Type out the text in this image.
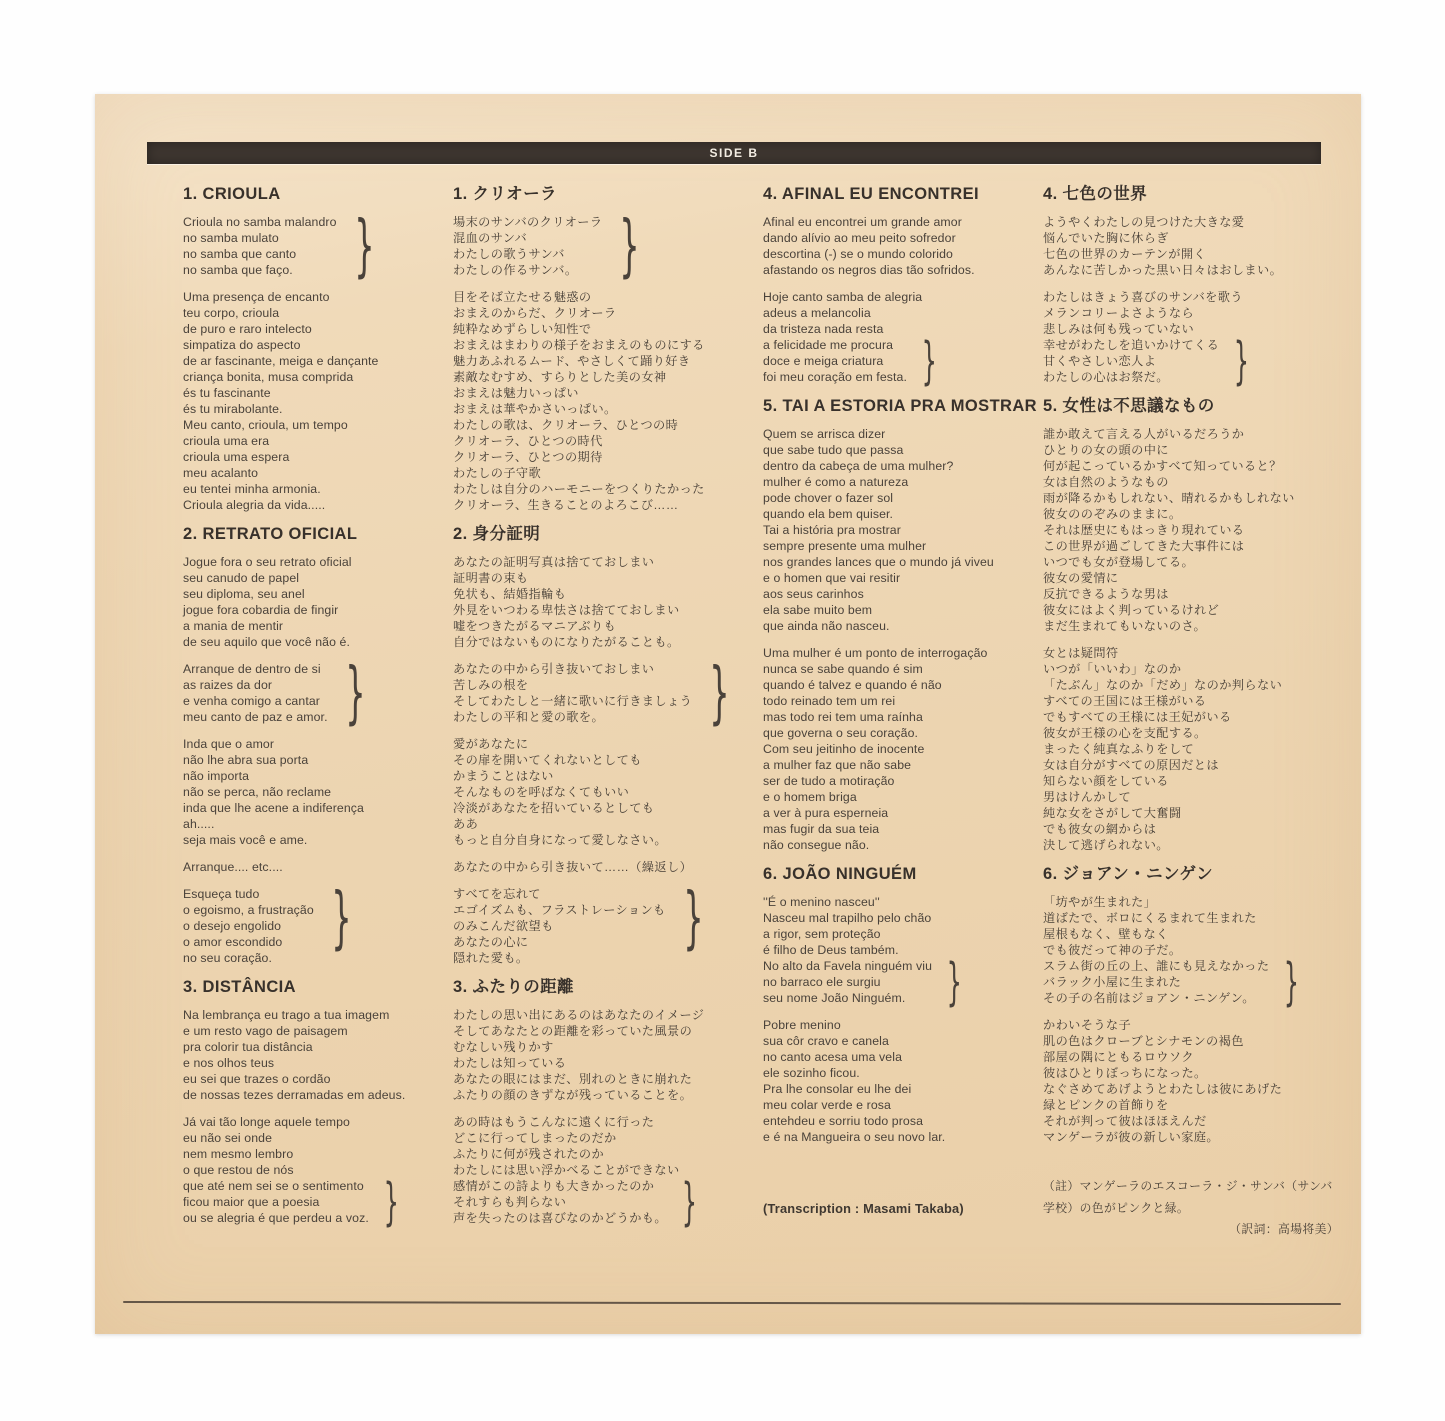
SIDE B
1. CRIOULA
Crioula no samba malandro
no samba mulato
no samba que canto
no samba que faço. }
Uma presença de encanto
teu corpo, crioula
de puro e raro intelecto
simpatiza do aspecto
de ar fascinante, meiga e dançante
criança bonita, musa comprida
és tu fascinante
és tu mirabolante.
Meu canto, crioula, um tempo
crioula uma era
crioula uma espera
meu acalanto
eu tentei minha armonia.
Crioula alegria da vida.....
2. RETRATO OFICIAL
Jogue fora o seu retrato oficial
seu canudo de papel
seu diploma, seu anel
jogue fora cobardia de fingir
a mania de mentir
de seu aquilo que você não é.
Arranque de dentro de si
as raizes da dor
e venha comigo a cantar
meu canto de paz e amor. }
Inda que o amor
não lhe abra sua porta
não importa
não se perca, não reclame
inda que lhe acene a indiferença
ah.....
seja mais você e ame.
Arranque.... etc....
Esqueça tudo
o egoismo, a frustração
o desejo engolido
o amor escondido }
no seu coração.
3. DISTÂNCIA
Na lembrança eu trago a tua imagem
e um resto vago de paisagem
pra colorir tua distância
e nos olhos teus
eu sei que trazes o cordão
de nossas tezes derramadas em adeus.
Já vai tão longe aquele tempo
eu não sei onde
nem mesmo lembro
o que restou de nós
que até nem sei se o sentimento
ficou maior que a poesia
ou se alegria é que perdeu a voz. }
1. クリオーラ
場末のサンバのクリオーラ
混血のサンバ
わたしの歌うサンバ
わたしの作るサンバ。 }
目をそば立たせる魅惑の
おまえのからだ、クリオーラ
純粋なめずらしい知性で
おまえはまわりの様子をおまえのものにする
魅力あふれるムード、やさしくて踊り好き
素敵なむすめ、すらりとした美の女神
おまえは魅力いっぱい
おまえは華やかさいっぱい。
わたしの歌は、クリオーラ、ひとつの時
クリオーラ、ひとつの時代
クリオーラ、ひとつの期待
わたしの子守歌
わたしは自分のハーモニーをつくりたかった
クリオーラ、生きることのよろこび……
2. 身分証明
あなたの証明写真は捨てておしまい
証明書の束も
免状も、結婚指輪も
外見をいつわる卑怯さは捨てておしまい
嘘をつきたがるマニアぶりも
自分ではないものになりたがることも。
あなたの中から引き抜いておしまい
苦しみの根を
そしてわたしと一緒に歌いに行きましょう
わたしの平和と愛の歌を。	}
愛があなたに
その扉を開いてくれないとしても
かまうことはない
そんなものを呼ばなくてもいい
冷淡があなたを招いているとしても
ああ
もっと自分自身になって愛しなさい。
あなたの中から引き抜いて……（繰返し）
すべてを忘れて
エゴイズムも、フラストレーションも
のみこんだ欲望も
あなたの心に	}
隠れた愛も。
3. ふたりの距離
わたしの思い出にあるのはあなたのイメージ
そしてあなたとの距離を彩っていた風景の
むなしい残りかす
わたしは知っている
あなたの眼にはまだ、別れのときに崩れた
ふたりの顔のきずなが残っていることを。
あの時はもうこんなに遠くに行った
どこに行ってしまったのだか
ふたりに何が残されたのか
わたしには思い浮かべることができない
感情がこの詩よりも大きかったのか
それすらも判らない
声を失ったのは喜びなのかどうかも。 }
4. AFINAL EU ENCONTREI
Afinal eu encontrei um grande amor
dando alívio ao meu peito sofredor
descortina (-) se o mundo colorido
afastando os negros dias tão sofridos.
Hoje canto samba de alegria
adeus a melancolia
da tristeza nada resta
a felicidade me procura
doce e meiga criatura
foi meu coração em festa. }
5. TAI A ESTORIA PRA MOSTRAR
Quem se arrisca dizer
que sabe tudo que passa
dentro da cabeça de uma mulher?
mulher é como a natureza
pode chover o fazer sol
quando ela bem quiser.
Tai a história pra mostrar
sempre presente uma mulher
nos grandes lances que o mundo já viveu
e o homen que vai resitir
aos seus carinhos
ela sabe muito bem
que ainda não nasceu.
Uma mulher é um ponto de interrogação
nunca se sabe quando é sim
quando é talvez e quando é não
todo reinado tem um rei
mas todo rei tem uma raínha
que governa o seu coração.
Com seu jeitinho de inocente
a mulher faz que não sabe
ser de tudo a motiração
e o homem briga
a ver à pura esperneia
mas fugir da sua teia
não consegue não.
6. JOÃO NINGUÉM
''É o menino nasceu''
Nasceu mal trapilho pelo chão
a rigor, sem proteção
é filho de Deus também.
No alto da Favela ninguém viu
no barraco ele surgiu
seu nome João Ninguém. }
Pobre menino
sua côr cravo e canela
no canto acesa uma vela
ele sozinho ficou.
Pra lhe consolar eu lhe dei
meu colar verde e rosa
entehdeu e sorriu todo prosa
e é na Mangueira o seu novo lar.
(Transcription : Masami Takaba)
4. 七色の世界
ようやくわたしの見つけた大きな愛
悩んでいた胸に休らぎ
七色の世界のカーテンが開く
あんなに苦しかった黒い日々はおしまい。
わたしはきょう喜びのサンバを歌う
メランコリーよさようなら
悲しみは何も残っていない
幸せがわたしを追いかけてくる
甘くやさしい恋人よ
わたしの心はお祭だ。	}
5. 女性は不思議なもの
誰か敢えて言える人がいるだろうか
ひとりの女の頭の中に
何が起こっているかすべて知っていると？
女は自然のようなもの
雨が降るかもしれない、晴れるかもしれない
彼女ののぞみのままに。
それは歴史にもはっきり現れている
この世界が過ごしてきた大事件には
いつでも女が登場してる。
彼女の愛情に
反抗できるような男は
彼女にはよく判っているけれど
まだ生まれてもいないのさ。
女とは疑問符
いつが「いいわ」なのか
「たぶん」なのか「だめ」なのか判らない
すべての王国には王様がいる
でもすべての王様には王妃がいる
彼女が王様の心を支配する。
まったく純真なふりをして
女は自分がすべての原因だとは
知らない顔をしている
男はけんかして
純な女をさがして大奮闘
でも彼女の網からは
決して逃げられない。
6. ジョアン・ニンゲン
「坊やが生まれた」
道ばたで、ボロにくるまれて生まれた
屋根もなく、壁もなく
でも彼だって神の子だ。
スラム街の丘の上、誰にも見えなかった
バラック小屋に生まれた
その子の名前はジョアン・ニンゲン。 }
かわいそうな子
肌の色はクローブとシナモンの褐色
部屋の隅にともるロウソク
彼はひとりぼっちになった。
なぐさめてあげようとわたしは彼にあげた
緑とピンクの首飾りを
それが判って彼はほほえんだ
マンゲーラが彼の新しい家庭。
（註）マンゲーラのエスコーラ・ジ・サンバ（サンバ
学校）の色がピンクと緑。
（訳詞：高場将美）
